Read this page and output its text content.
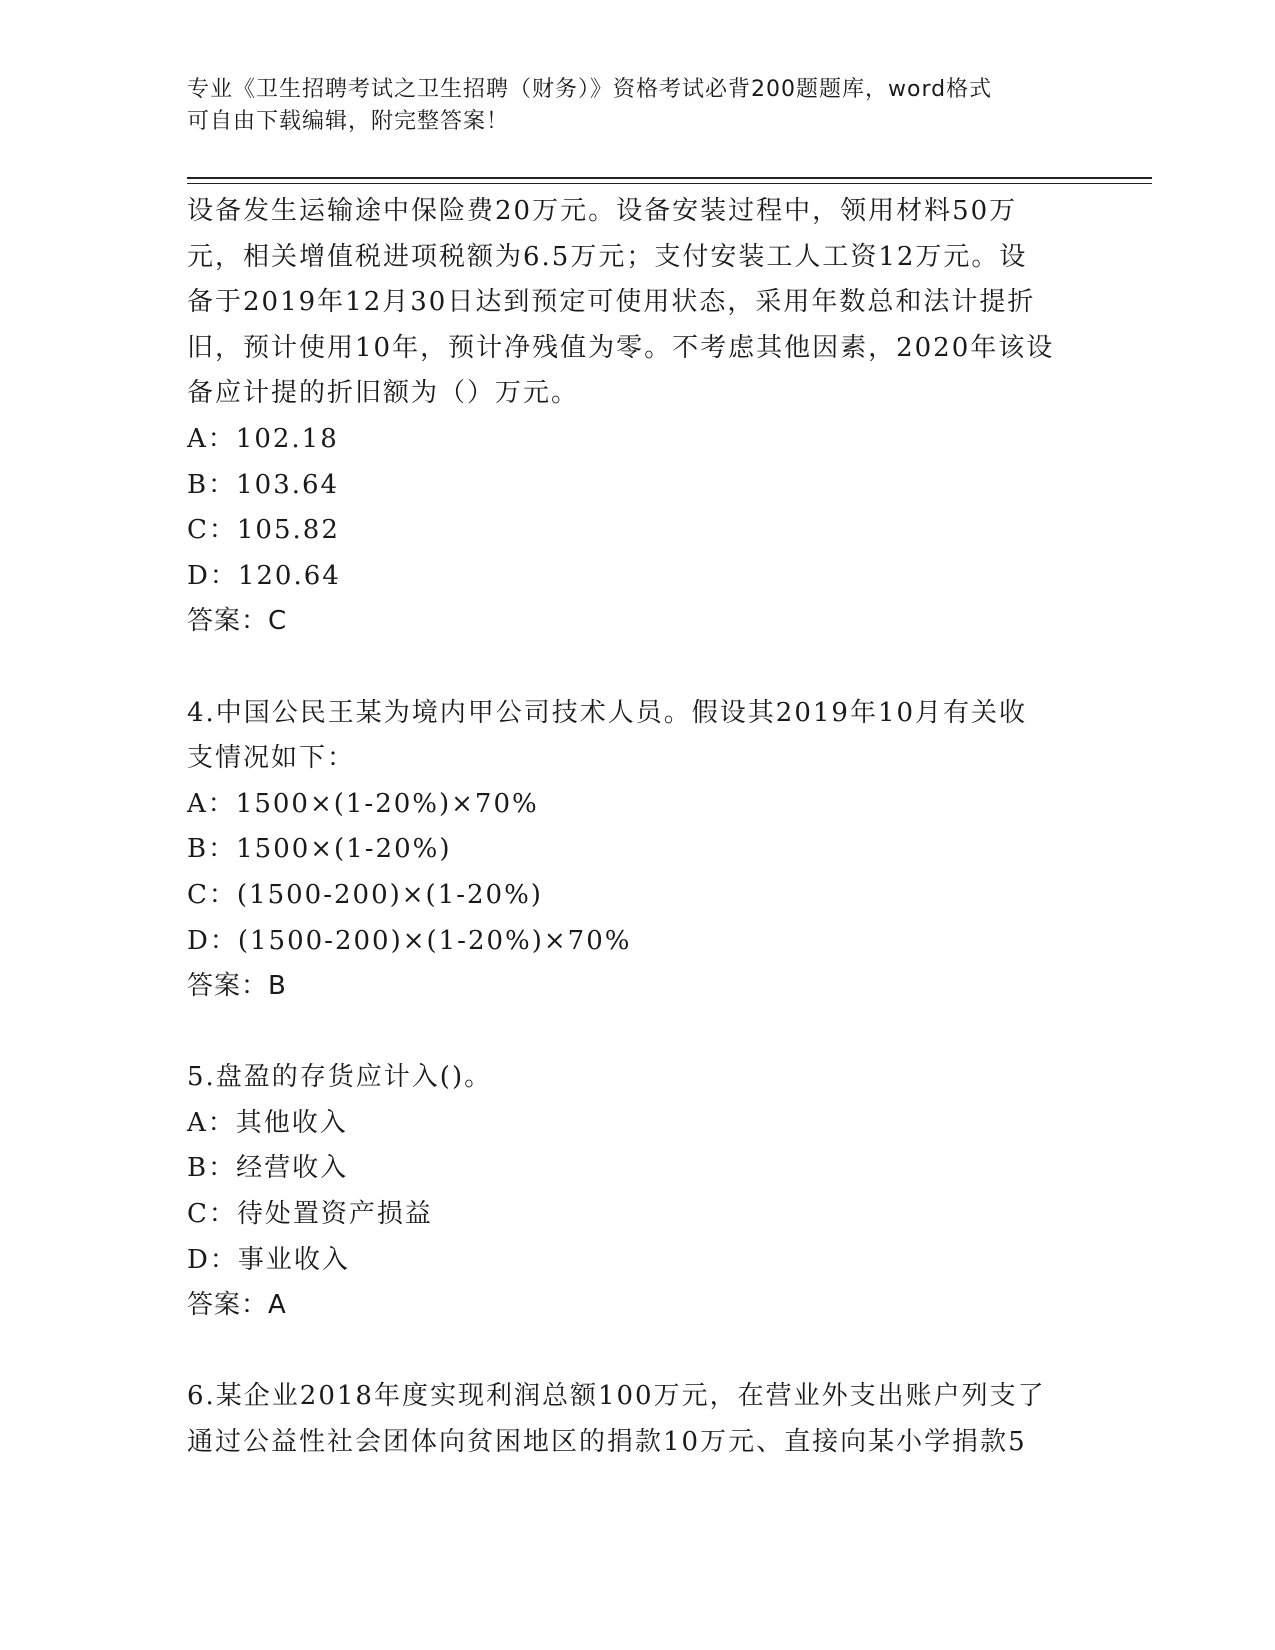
专业《卫生招聘考试之卫生招聘（财务）》资格考试必背200题题库，word格式
可自由下载编辑，附完整答案！
设备发生运输途中保险费20万元。设备安装过程中，领用材料50万
元，相关增值税进项税额为6.5万元；支付安装工人工资12万元。设
备于2019年12月30日达到预定可使用状态，采用年数总和法计提折
旧，预计使用10年，预计净残值为零。不考虑其他因素，2020年该设
备应计提的折旧额为（）万元。
A：102.18
B：103.64
C：105.82
D：120.64
答案：C
4.中国公民王某为境内甲公司技术人员。假设其2019年10月有关收
支情况如下：
A：1500×(1-20%)×70%
B：1500×(1-20%)
C：(1500-200)×(1-20%)
D：(1500-200)×(1-20%)×70%
答案：B
5.盘盈的存货应计入()。
A：其他收入
B：经营收入
C：待处置资产损益
D：事业收入
答案：A
6.某企业2018年度实现利润总额100万元，在营业外支出账户列支了
通过公益性社会团体向贫困地区的捐款10万元、直接向某小学捐款5
